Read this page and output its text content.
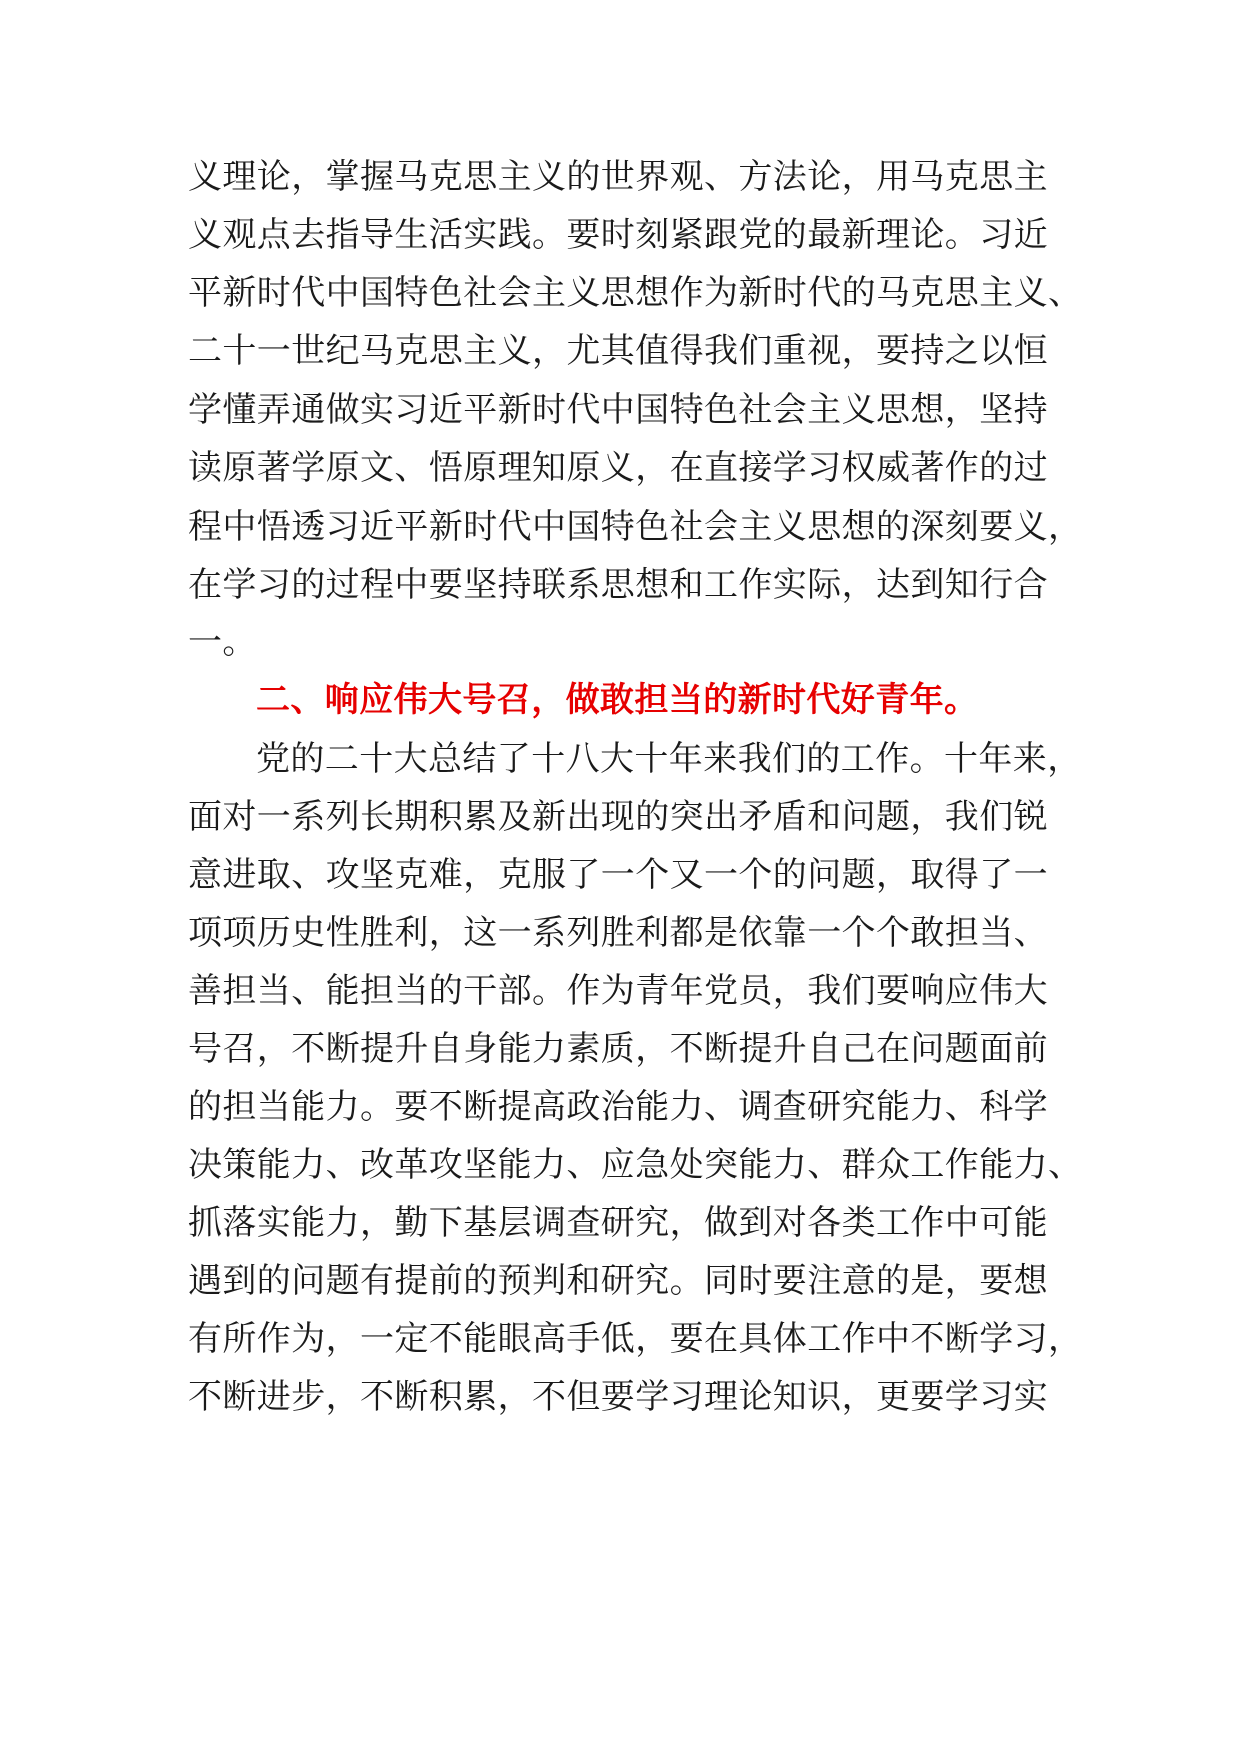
义理论，掌握马克思主义的世界观、方法论，用马克思主
义观点去指导生活实践。要时刻紧跟党的最新理论。习近
平新时代中国特色社会主义思想作为新时代的马克思主义、
二十一世纪马克思主义，尤其值得我们重视，要持之以恒
学懂弄通做实习近平新时代中国特色社会主义思想，坚持
读原著学原文、悟原理知原义，在直接学习权威著作的过
程中悟透习近平新时代中国特色社会主义思想的深刻要义，
在学习的过程中要坚持联系思想和工作实际，达到知行合
一。
二、响应伟大号召，做敢担当的新时代好青年。
党的二十大总结了十八大十年来我们的工作。十年来，
面对一系列长期积累及新出现的突出矛盾和问题，我们锐
意进取、攻坚克难，克服了一个又一个的问题，取得了一
项项历史性胜利，这一系列胜利都是依靠一个个敢担当、
善担当、能担当的干部。作为青年党员，我们要响应伟大
号召，不断提升自身能力素质，不断提升自己在问题面前
的担当能力。要不断提高政治能力、调查研究能力、科学
决策能力、改革攻坚能力、应急处突能力、群众工作能力、
抓落实能力，勤下基层调查研究，做到对各类工作中可能
遇到的问题有提前的预判和研究。同时要注意的是，要想
有所作为，一定不能眼高手低，要在具体工作中不断学习，
不断进步，不断积累，不但要学习理论知识，更要学习实
